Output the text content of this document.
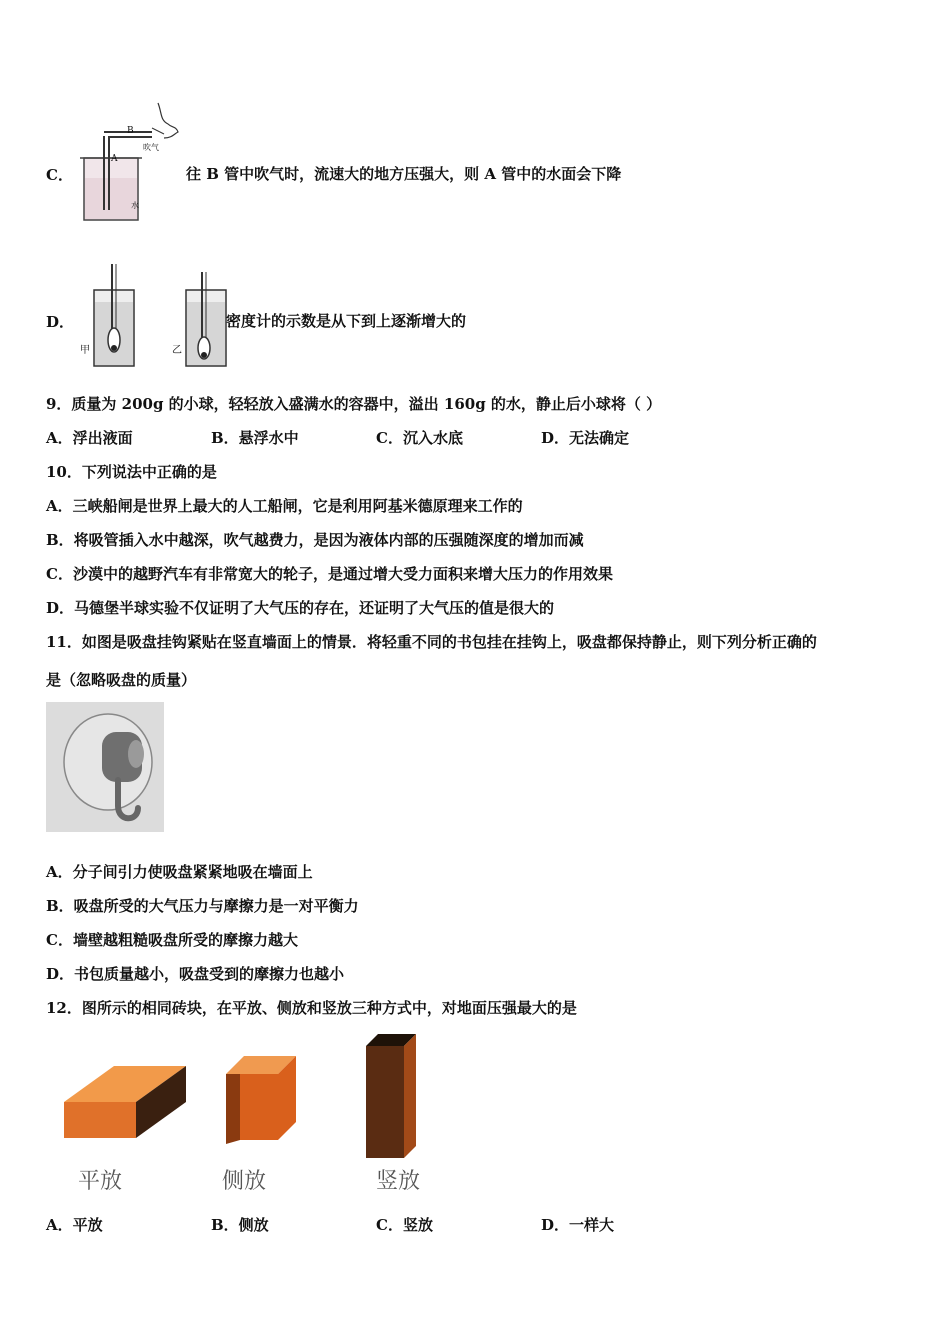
C．
B
A
吹气
水
往 B 管中吹气时，流速大的地方压强大，则 A 管中的水面会下降
D．
甲	乙
密度计的示数是从下到上逐渐增大的
9．质量为 200g 的小球，轻轻放入盛满水的容器中，溢出 160g 的水，静止后小球将（ ）
A．浮出液面	B．悬浮水中	C．沉入水底	D．无法确定
10．下列说法中正确的是
A．三峡船闸是世界上最大的人工船闸，它是利用阿基米德原理来工作的
B．将吸管插入水中越深，吹气越费力，是因为液体内部的压强随深度的增加而减
C．沙漠中的越野汽车有非常宽大的轮子，是通过增大受力面积来增大压力的作用效果
D．马德堡半球实验不仅证明了大气压的存在，还证明了大气压的值是很大的
11．如图是吸盘挂钩紧贴在竖直墙面上的情景．将轻重不同的书包挂在挂钩上，吸盘都保持静止，则下列分析正确的
是（忽略吸盘的质量）
A．分子间引力使吸盘紧紧地吸在墙面上
B．吸盘所受的大气压力与摩擦力是一对平衡力
C．墙壁越粗糙吸盘所受的摩擦力越大
D．书包质量越小，吸盘受到的摩擦力也越小
12．图所示的相同砖块，在平放、侧放和竖放三种方式中，对地面压强最大的是
平放	侧放	竖放
A．平放	B．侧放	C．竖放	D．一样大
